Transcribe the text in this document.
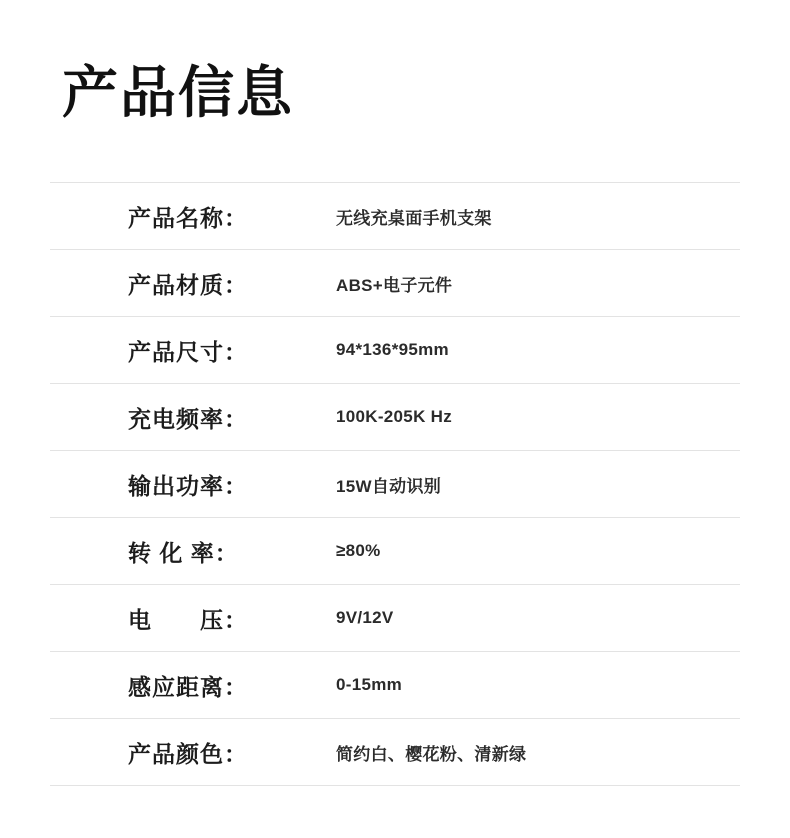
产品信息
产品名称：	无线充桌面手机支架
产品材质：	ABS+电子元件
产品尺寸：	94*136*95mm
充电频率：	100K-205K Hz
输出功率：	15W自动识别
转 化 率：	≥80%
电　　压：	9V/12V
感应距离：	0-15mm
产品颜色：	简约白、樱花粉、清新绿
